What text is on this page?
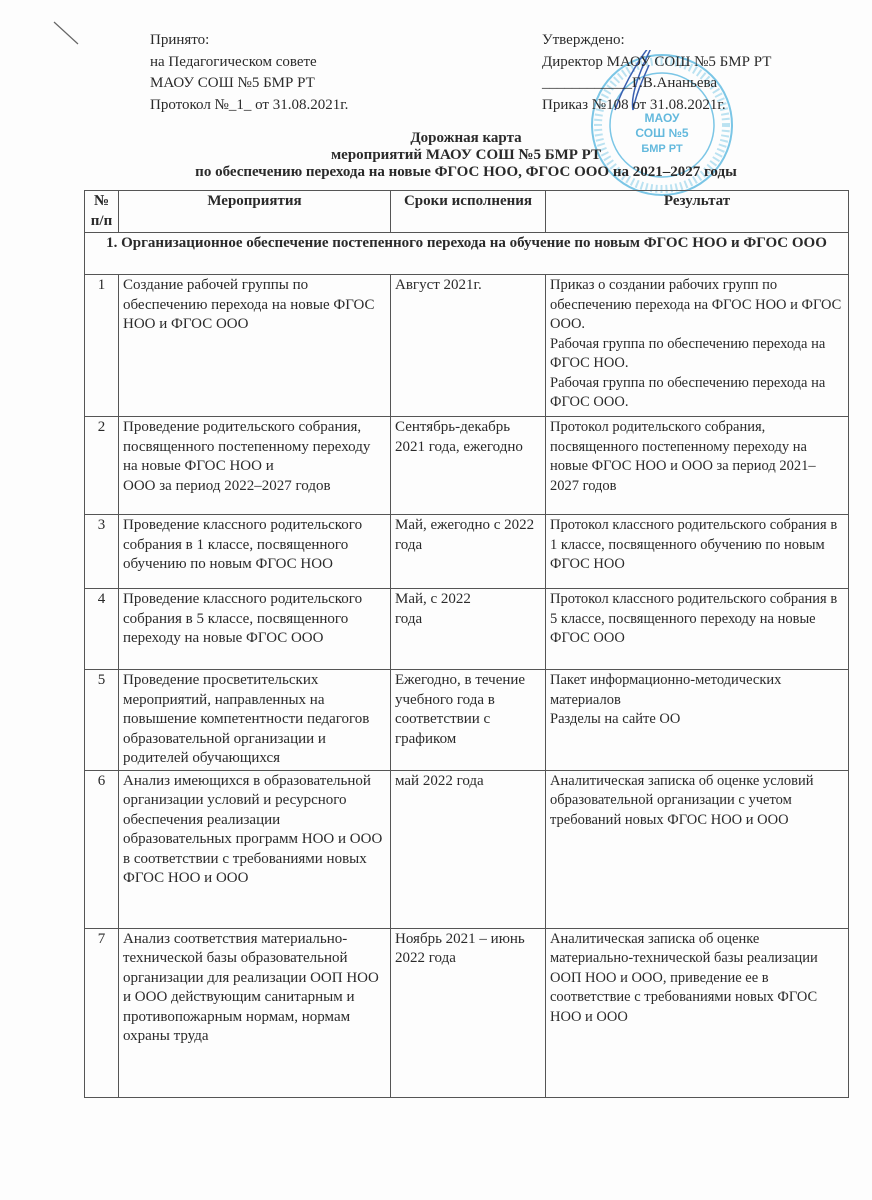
Принято:
на Педагогическом совете
МАОУ СОШ №5 БМР РТ
Протокол №_1_ от 31.08.2021г.
МАОУ
СОШ №5
БМР РТ
Утверждено:
Директор МАОУ СОШ №5 БМР РТ
____________Г.В.Ананьева
Приказ №108 от 31.08.2021г.
Дорожная карта
мероприятий МАОУ СОШ №5 БМР РТ
по обеспечению перехода на новые ФГОС НОО, ФГОС ООО на 2021–2027 годы
№ п/п	Мероприятия	Сроки исполнения	Результат
1. Организационное обеспечение постепенного перехода на обучение по новым ФГОС НОО и ФГОС ООО			
1	Создание рабочей группы по обеспечению перехода на новые ФГОС НОО и ФГОС ООО	Август 2021г.	Приказ о создании рабочих групп по обеспечению перехода на ФГОС НОО и ФГОС ООО.
Рабочая группа по обеспечению перехода на ФГОС НОО.
Рабочая группа по обеспечению перехода на ФГОС ООО.
2	Проведение родительского собрания, посвященного постепенному переходу на новые ФГОС НОО и
ООО за период 2022–2027 годов	Сентябрь-декабрь 2021 года, ежегодно	Протокол родительского собрания, посвященного постепенному переходу на новые ФГОС НОО и ООО за период 2021–2027 годов
3	Проведение классного родительского собрания в 1 классе, посвященного обучению по новым ФГОС НОО	Май, ежегодно с 2022 года	Протокол классного родительского собрания в 1 классе, посвященного обучению по новым ФГОС НОО
4	Проведение классного родительского собрания в 5 классе, посвященного переходу на новые ФГОС ООО	Май, с 2022
года	Протокол классного родительского собрания в 5 классе, посвященного переходу на новые ФГОС ООО
5	Проведение просветительских мероприятий, направленных на повышение компетентности педагогов образовательной организации и родителей обучающихся	Ежегодно, в течение учебного года в соответствии с графиком	Пакет информационно-методических материалов
Разделы на сайте ОО
6	Анализ имеющихся в образовательной организации условий и ресурсного обеспечения реализации образовательных программ НОО и ООО в соответствии с требованиями новых ФГОС НОО и ООО	май 2022 года	Аналитическая записка об оценке условий образовательной организации с учетом требований новых ФГОС НОО и ООО
7	Анализ соответствия материально-технической базы образовательной организации для реализации ООП НОО и ООО действующим санитарным и противопожарным нормам, нормам охраны труда	Ноябрь 2021 – июнь 2022 года	Аналитическая записка об оценке материально-технической базы реализации ООП НОО и ООО, приведение ее в соответствие с требованиями новых ФГОС НОО и ООО
